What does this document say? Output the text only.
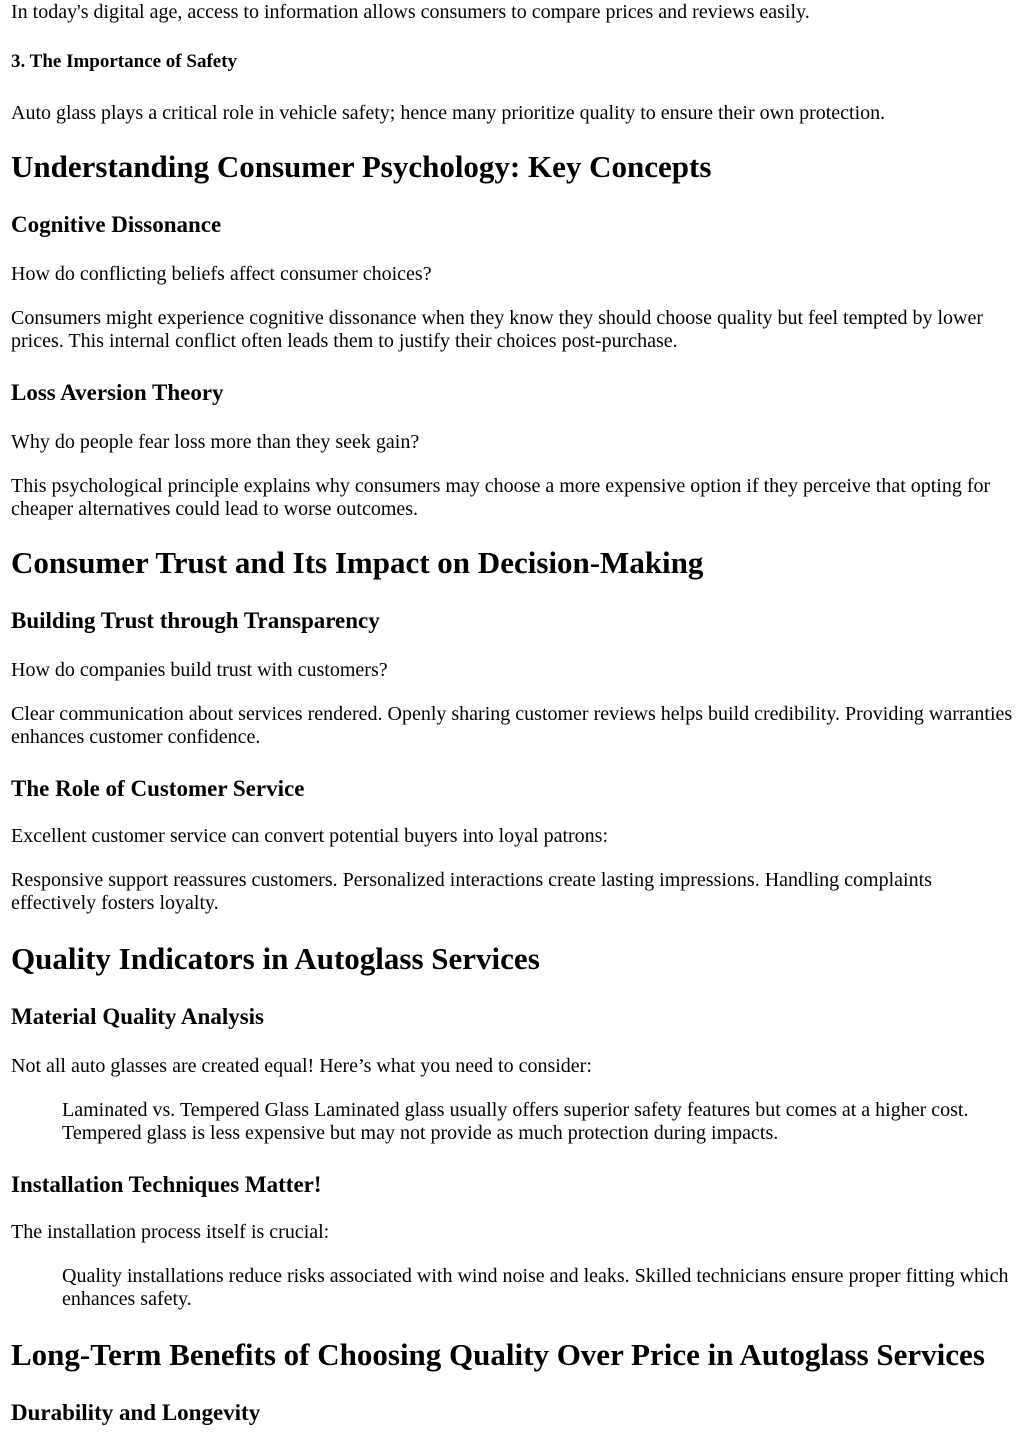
In today's digital age, access to information allows consumers to compare prices and reviews easily.

3. The Importance of Safety

Auto glass plays a critical role in vehicle safety; hence many prioritize quality to ensure their own protection.

Understanding Consumer Psychology: Key Concepts
Cognitive Dissonance

How do conflicting beliefs affect consumer choices?

Consumers might experience cognitive dissonance when they know they should choose quality but feel tempted by lower prices. This internal conflict often leads them to justify their choices post-purchase.

Loss Aversion Theory

Why do people fear loss more than they seek gain?

This psychological principle explains why consumers may choose a more expensive option if they perceive that opting for cheaper alternatives could lead to worse outcomes.

Consumer Trust and Its Impact on Decision-Making
Building Trust through Transparency

How do companies build trust with customers?

Clear communication about services rendered. Openly sharing customer reviews helps build credibility. Providing warranties enhances customer confidence.

The Role of Customer Service

Excellent customer service can convert potential buyers into loyal patrons:

Responsive support reassures customers. Personalized interactions create lasting impressions. Handling complaints effectively fosters loyalty.

Quality Indicators in Autoglass Services
Material Quality Analysis

Not all auto glasses are created equal! Here’s what you need to consider:

Laminated vs. Tempered Glass Laminated glass usually offers superior safety features but comes at a higher cost. Tempered glass is less expensive but may not provide as much protection during impacts.

Installation Techniques Matter!

The installation process itself is crucial:

Quality installations reduce risks associated with wind noise and leaks. Skilled technicians ensure proper fitting which enhances safety.

Long-Term Benefits of Choosing Quality Over Price in Autoglass Services
Durability and Longevity
